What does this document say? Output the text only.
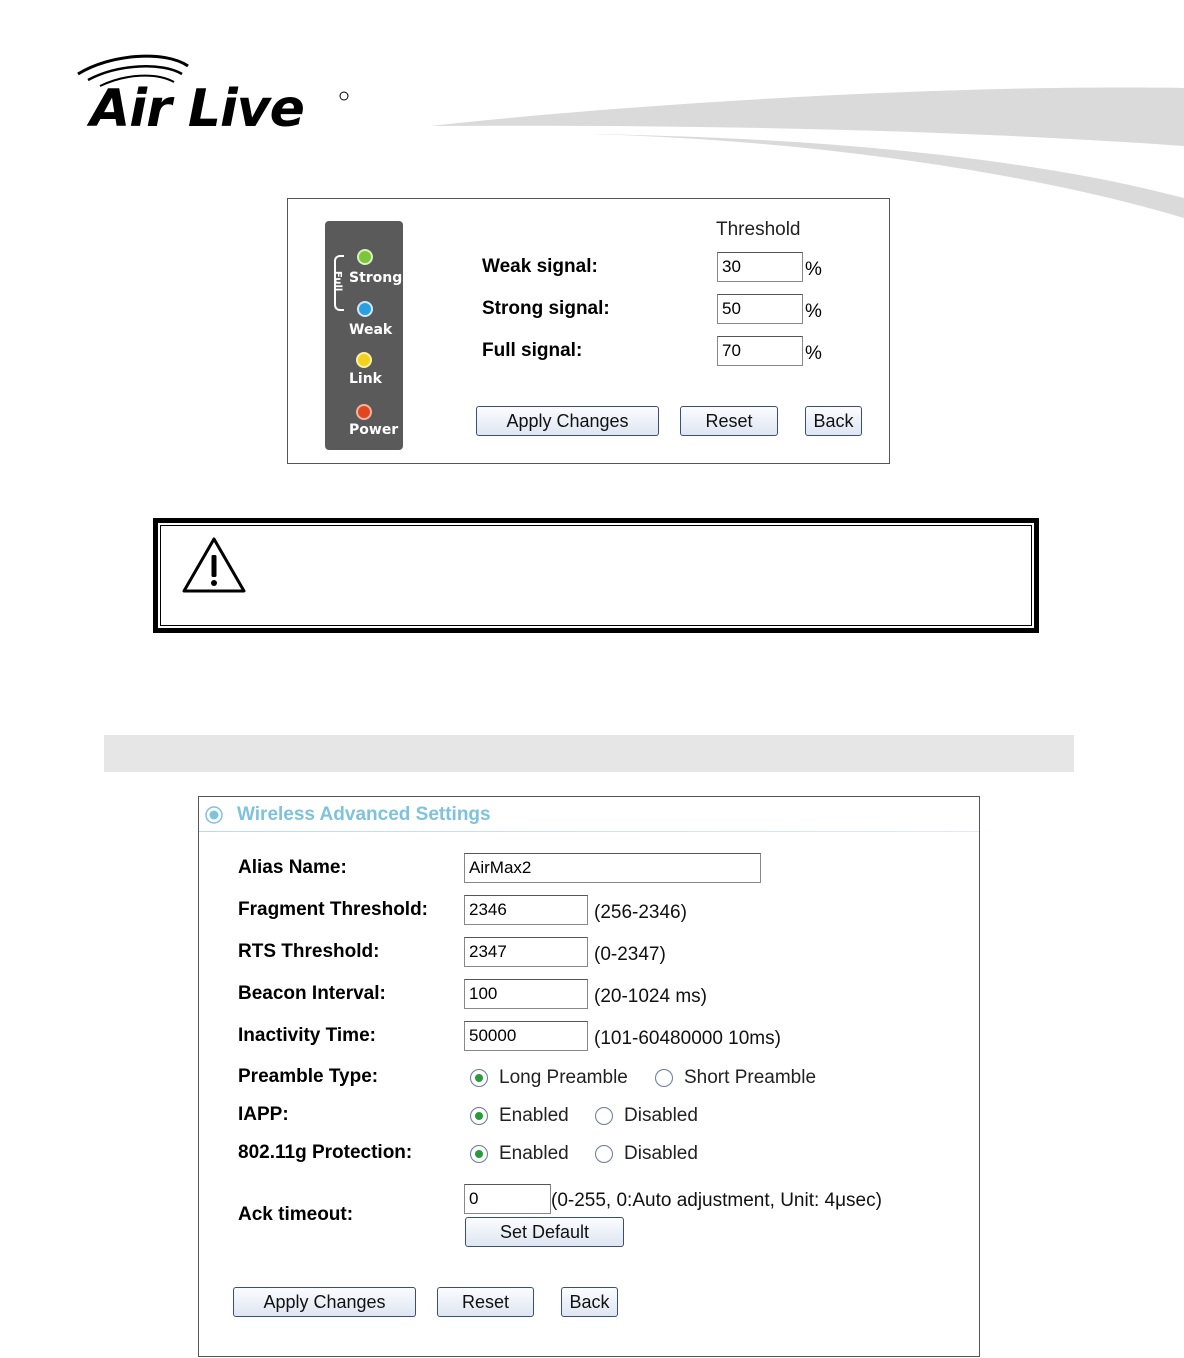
Air Live
Full Strong
Weak
Link
Power
Threshold
Weak signal:
30	%
Strong signal:
50	%
Full signal:
70	%
Apply Changes	Reset	Back
Wireless Advanced Settings
Alias Name:
AirMax2
Fragment Threshold:
2346	(256-2346)
RTS Threshold:
2347	(0-2347)
Beacon Interval:
100	(20-1024 ms)
Inactivity Time:
50000	(101-60480000 10ms)
Preamble Type:	Long Preamble	Short Preamble
IAPP:	Enabled	Disabled
802.11g Protection:	Enabled	Disabled
Ack timeout:
0
(0-255, 0:Auto adjustment, Unit: 4μsec)
Set Default
Apply Changes	Reset	Back
